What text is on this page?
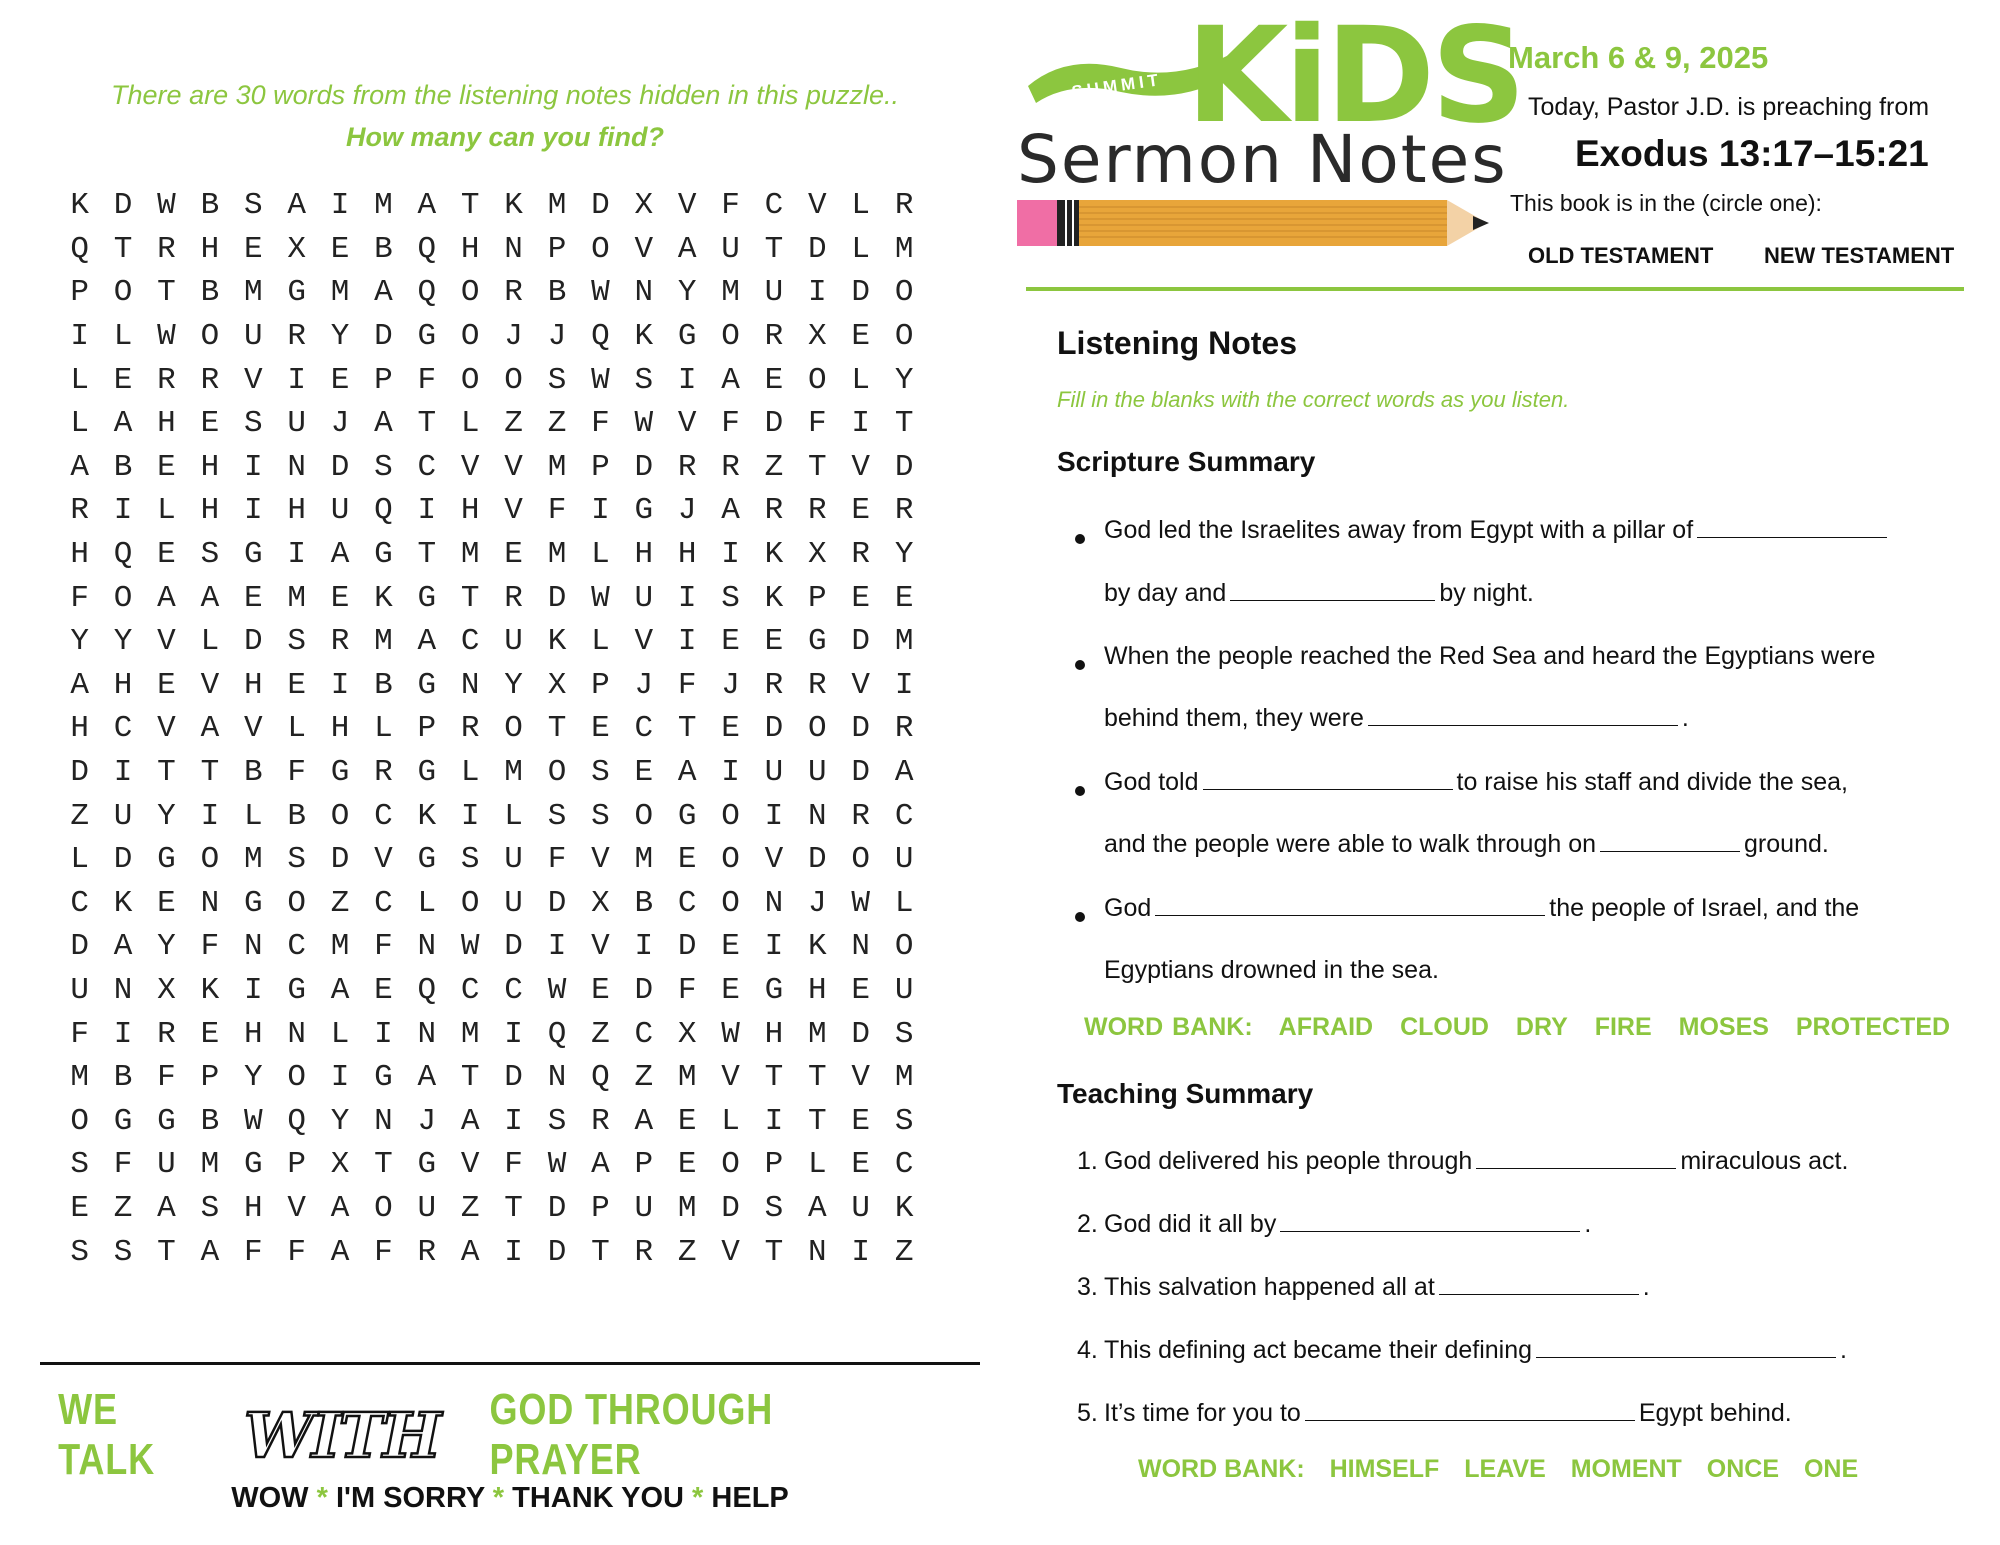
There are 30 words from the listening notes hidden in this puzzle..
How many can you find?
K D W B S A I M A T K M D X V F C V L R
Q T R H E X E B Q H N P O V A U T D L M
P O T B M G M A Q O R B W N Y M U I D O
I L W O U R Y D G O J J Q K G O R X E O
L E R R V I E P F O O S W S I A E O L Y
L A H E S U J A T L Z Z F W V F D F I T
A B E H I N D S C V V M P D R R Z T V D
R I L H I H U Q I H V F I G J A R R E R
H Q E S G I A G T M E M L H H I K X R Y
F O A A E M E K G T R D W U I S K P E E
Y Y V L D S R M A C U K L V I E E G D M
A H E V H E I B G N Y X P J F J R R V I
H C V A V L H L P R O T E C T E D O D R
D I T T B F G R G L M O S E A I U U D A
Z U Y I L B O C K I L S S O G O I N R C
L D G O M S D V G S U F V M E O V D O U
C K E N G O Z C L O U D X B C O N J W L
D A Y F N C M F N W D I V I D E I K N O
U N X K I G A E Q C C W E D F E G H E U
F I R E H N L I N M I Q Z C X W H M D S
M B F P Y O I G A T D N Q Z M V T T V M
O G G B W Q Y N J A I S R A E L I T E S
S F U M G P X T G V F W A P E O P L E C
E Z A S H V A O U Z T D P U M D S A U K
S S T A F F A F R A I D T R Z V T N I Z
WE TALK	WITH GOD THROUGH PRAYER
WOW * I'M SORRY * THANK YOU * HELP
SUMMIT KiDS
Sermon Notes
March 6 & 9, 2025
Today, Pastor J.D. is preaching from
Exodus 13:17–15:21
This book is in the (circle one):
OLD TESTAMENT NEW TESTAMENT
Listening Notes
Fill in the blanks with the correct words as you listen.
Scripture Summary
God led the Israelites away from Egypt with a pillar of
by day and	by night.
When the people reached the Red Sea and heard the Egyptians were
behind them, they were	.
God told	to raise his staff and divide the sea,
and the people were able to walk through on	ground.
God	the people of Israel, and the
Egyptians drowned in the sea.
WORD BANK: AFRAID CLOUD DRY FIRE MOSES PROTECTED
Teaching Summary
1. God delivered his people through	miraculous act.
2. God did it all by	.
3. This salvation happened all at	.
4. This defining act became their defining	.
5. It’s time for you to	Egypt behind.
WORD BANK: HIMSELF LEAVE MOMENT ONCE ONE
